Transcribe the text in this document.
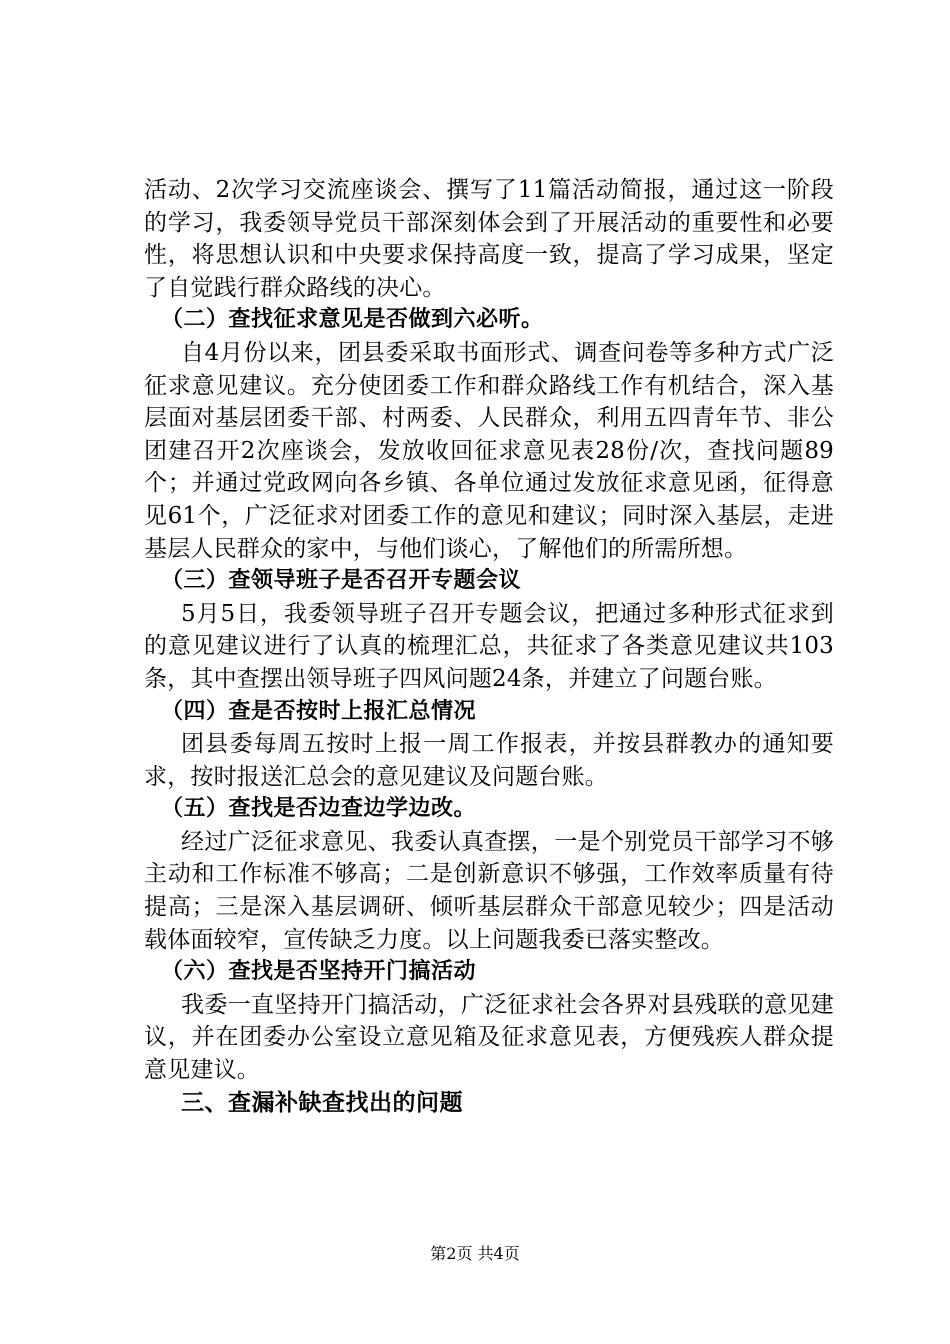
活动、2次学习交流座谈会、撰写了11篇活动简报，通过这一阶段的学习，我委领导党员干部深刻体会到了开展活动的重要性和必要性，将思想认识和中央要求保持高度一致，提高了学习成果，坚定了自觉践行群众路线的决心。

（二）查找征求意见是否做到六必听。

自4月份以来，团县委采取书面形式、调查问卷等多种方式广泛征求意见建议。充分使团委工作和群众路线工作有机结合，深入基层面对基层团委干部、村两委、人民群众，利用五四青年节、非公团建召开2次座谈会，发放收回征求意见表28份/次，查找问题89个；并通过党政网向各乡镇、各单位通过发放征求意见函，征得意见61个，广泛征求对团委工作的意见和建议；同时深入基层，走进基层人民群众的家中，与他们谈心，了解他们的所需所想。

（三）查领导班子是否召开专题会议

5月5日，我委领导班子召开专题会议，把通过多种形式征求到的意见建议进行了认真的梳理汇总，共征求了各类意见建议共103条，其中查摆出领导班子四风问题24条，并建立了问题台账。

（四）查是否按时上报汇总情况

团县委每周五按时上报一周工作报表，并按县群教办的通知要求，按时报送汇总会的意见建议及问题台账。

（五）查找是否边查边学边改。

经过广泛征求意见、我委认真查摆，一是个别党员干部学习不够主动和工作标准不够高；二是创新意识不够强，工作效率质量有待提高；三是深入基层调研、倾听基层群众干部意见较少；四是活动载体面较窄，宣传缺乏力度。以上问题我委已落实整改。

（六）查找是否坚持开门搞活动

我委一直坚持开门搞活动，广泛征求社会各界对县残联的意见建议，并在团委办公室设立意见箱及征求意见表，方便残疾人群众提意见建议。

三、查漏补缺查找出的问题

第2页 共4页
